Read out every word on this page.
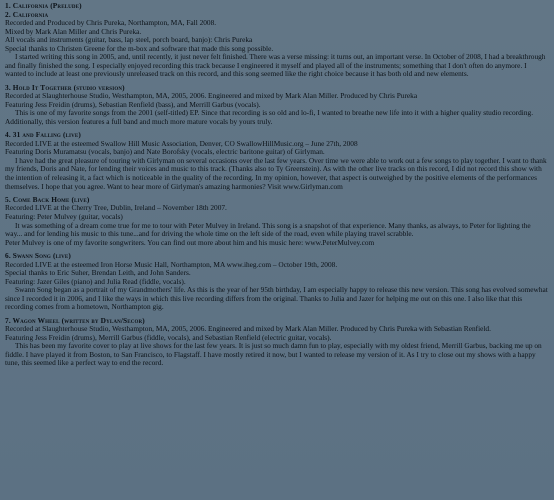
1. California (Prelude)
2. California
Recorded and Produced by Chris Pureka, Northampton, MA, Fall 2008.
Mixed by Mark Alan Miller and Chris Pureka.
All vocals and instruments (guitar, bass, lap steel, porch board, banjo): Chris Pureka
Special thanks to Christen Greene for the m-box and software that made this song possible.
I started writing this song in 2005, and, until recently, it just never felt finished. There was a verse missing: it turns out, an important verse. In October of 2008, I had a breakthrough and finally finished the song. I especially enjoyed recording this track because I engineered it myself and played all of the instruments; something that I don't often do anymore. I wanted to include at least one previously unreleased track on this record, and this song seemed like the right choice because it has both old and new elements.
3. Hold It Together (studio version)
Recorded at Slaughterhouse Studio, Westhampton, MA, 2005, 2006. Engineered and mixed by Mark Alan Miller. Produced by Chris Pureka
Featuring Jess Freidin (drums), Sebastian Renfield (bass), and Merrill Garbus (vocals).
This is one of my favorite songs from the 2001 (self-titled) EP. Since that recording is so old and lo-fi, I wanted to breathe new life into it with a higher quality studio recording. Additionally, this version features a full band and much more mature vocals by yours truly.
4. 31 and Falling (live)
Recorded LIVE at the esteemed Swallow Hill Music Association, Denver, CO SwallowHillMusic.org – June 27th, 2008
Featuring Doris Muramatsu (vocals, banjo) and Nate Borofsky (vocals, electric baritone guitar) of Girlyman.
I have had the great pleasure of touring with Girlyman on several occasions over the last few years. Over time we were able to work out a few songs to play together. I want to thank my friends, Doris and Nate, for lending their voices and music to this track. (Thanks also to Ty Greenstein). As with the other live tracks on this record, I did not record this show with the intention of releasing it, a fact which is noticeable in the quality of the recording. In my opinion, however, that aspect is outweighed by the positive elements of the performances themselves. I hope that you agree. Want to hear more of Girlyman's amazing harmonies? Visit www.Girlyman.com
5. Come Back Home (live)
Recorded LIVE at the Cherry Tree, Dublin, Ireland – November 18th 2007.
Featuring: Peter Mulvey (guitar, vocals)
It was something of a dream come true for me to tour with Peter Mulvey in Ireland. This song is a snapshot of that experience. Many thanks, as always, to Peter for lighting the way... and for lending his music to this tune...and for driving the whole time on the left side of the road, even while playing travel scrabble.
Peter Mulvey is one of my favorite songwriters. You can find out more about him and his music here: www.PeterMulvey.com
6. Swann Song (live)
Recorded LIVE at the esteemed Iron Horse Music Hall, Northampton, MA www.iheg.com – October 19th, 2008.
Special thanks to Eric Suher, Brendan Leith, and John Sanders.
Featuring: Jazer Giles (piano) and Julia Read (fiddle, vocals).
Swann Song began as a portrait of my Grandmothers' life. As this is the year of her 95th birthday, I am especially happy to release this new version. This song has evolved somewhat since I recorded it in 2006, and I like the ways in which this live recording differs from the original. Thanks to Julia and Jazer for helping me out on this one. I also like that this recording comes from a hometown, Northampton gig.
7. Wagon Wheel (written by Dylan/Secor)
Recorded at Slaughterhouse Studio, Westhampton, MA, 2005, 2006. Engineered and mixed by Mark Alan Miller. Produced by Chris Pureka with Sebastian Renfield.
Featuring Jess Freidin (drums), Merrill Garbus (fiddle, vocals), and Sebastian Renfield (electric guitar, vocals).
This has been my favorite cover to play at live shows for the last few years. It is just so much damn fun to play, especially with my oldest friend, Merrill Garbus, backing me up on fiddle. I have played it from Boston, to San Francisco, to Flagstaff. I have mostly retired it now, but I wanted to release my version of it. As I try to close out my shows with a happy tune, this seemed like a perfect way to end the record.
